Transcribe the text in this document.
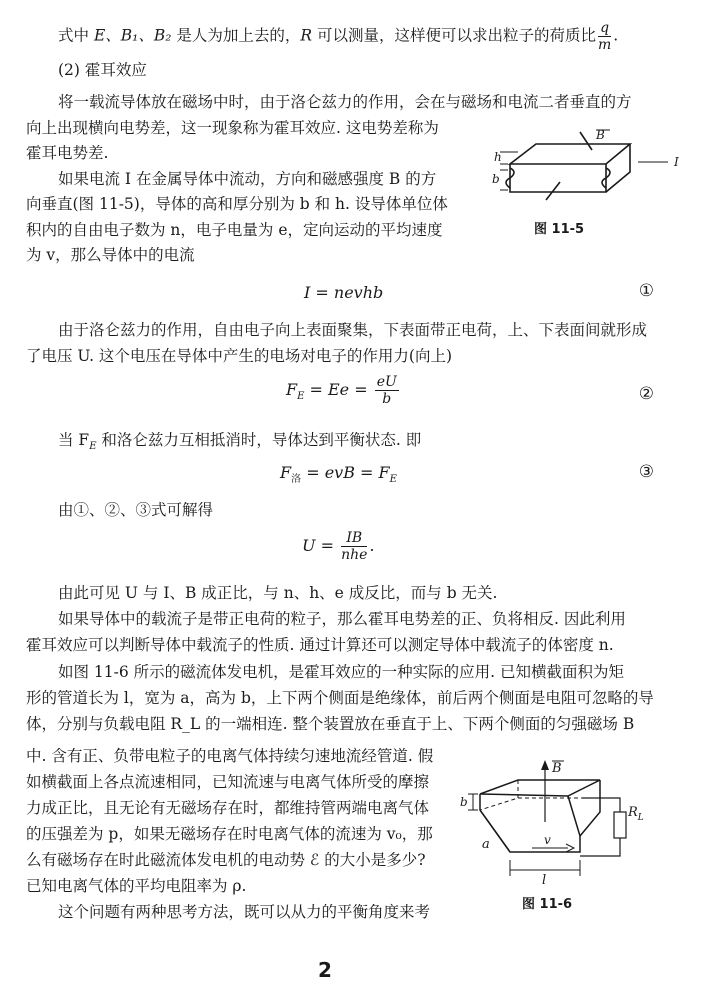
式中 E、B₁、B₂ 是人为加上去的，R 可以测量，这样便可以求出粒子的荷质比 $\frac{q}{m}$ .
(2) 霍耳效应
将一载流导体放在磁场中时，由于洛仑兹力的作用，会在与磁场和电流二者垂直的方
向上出现横向电势差，这一现象称为霍耳效应. 这电势差称为
霍耳电势差.
如果电流 I 在金属导体中流动，方向和磁感强度 B 的方
向垂直(图 11-5)，导体的高和厚分别为 b 和 h. 设导体单位体
积内的自由电子数为 n，电子电量为 e，定向运动的平均速度
为 v，那么导体中的电流
B
h
b
I
图 11-5
I = nevhb	①
由于洛仑兹力的作用，自由电子向上表面聚集，下表面带正电荷，上、下表面间就形成
了电压 U. 这个电压在导体中产生的电场对电子的作用力(向上)
$F_E = Ee = \frac{eU}{b}$	②
当 $F_E$ 和洛仑兹力互相抵消时，导体达到平衡状态. 即
$F_洛$ = evB = $F_E$	③
由①、②、③式可解得
$U = \frac{IB}{\text{nhe}}$ .
由此可见 U 与 I、B 成正比，与 n、h、e 成反比，而与 b 无关.
如果导体中的载流子是带正电荷的粒子，那么霍耳电势差的正、负将相反. 因此利用
霍耳效应可以判断导体中载流子的性质. 通过计算还可以测定导体中载流子的体密度 n.
如图 11-6 所示的磁流体发电机，是霍耳效应的一种实际的应用. 已知横截面积为矩
形的管道长为 l，宽为 a，高为 b，上下两个侧面是绝缘体，前后两个侧面是电阻可忽略的导
体，分别与负载电阻 R_L 的一端相连. 整个装置放在垂直于上、下两个侧面的匀强磁场 B
中. 含有正、负带电粒子的电离气体持续匀速地流经管道. 假
如横截面上各点流速相同，已知流速与电离气体所受的摩擦
力成正比，且无论有无磁场存在时，都维持管两端电离气体
的压强差为 p，如果无磁场存在时电离气体的流速为 v₀，那
么有磁场存在时此磁流体发电机的电动势 ℰ 的大小是多少?
已知电离气体的平均电阻率为 ρ.
这个问题有两种思考方法，既可以从力的平衡角度来考
B
v
$R_L$
b
a
l
图 11-6
2
